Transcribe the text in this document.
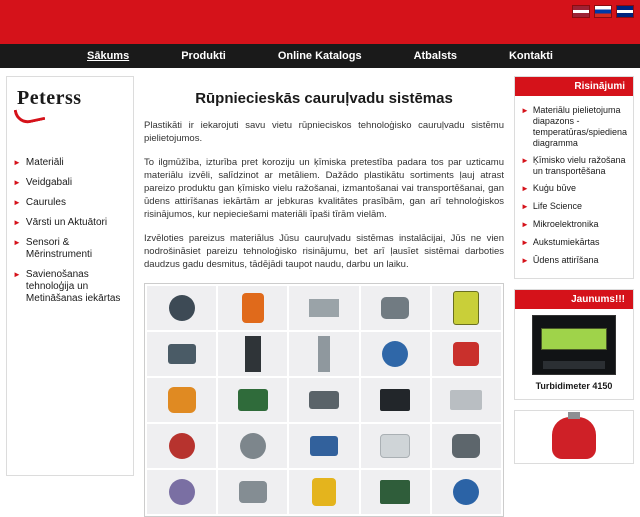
Sākums	Produkti	Online Katalogs	Atbalsts	Kontakti
Peterss
► Materiāli
► Veidgabali
► Caurules
► Vārsti un Aktuātori
► Sensori & Mērinstrumenti
► Savienošanas tehnoloģija un Metināšanas iekārtas
Rūpniecieskās cauruļvadu sistēmas
Plastikāti ir iekarojuti savu vietu rūpnieciskos tehnoloģisko cauruļvadu sistēmu pielietojumos.
To ilgmūžība, izturība pret koroziju un ķīmiska pretestība padara tos par uzticamu materiālu izvēli, salīdzinot ar metāliem. Dažādo plastikātu sortiments ļauj atrast pareizo produktu gan ķīmisko vielu ražošanai, izmantošanai vai transportēšanai, gan ūdens attirīšanas iekārtām ar jebkuras kvalitātes prasībām, gan arī tehnoloģiskos risinājumos, kur nepieciešami materiāli īpaši tīrām vielām.
Izvēloties pareizus materiālus Jūsu cauruļvadu sistēmas instalācijai, Jūs ne vien nodrošināsiet pareizu tehnoloģisko risinājumu, bet arī ļausīet sistēmai darboties daudzus gadu desmitus, tādējādi taupot naudu, darbu un laiku.
Risinājumi
► Materiālu pielietojuma diapazons - temperatūras/spiediena diagramma
► Ķīmisko vielu ražošana un transportēšana
► Kuģu būve
► Life Science
► Mikroelektronika
► Aukstumiekārtas
► Ūdens attirīšana
Jaunums!!!
Turbidimeter 4150
